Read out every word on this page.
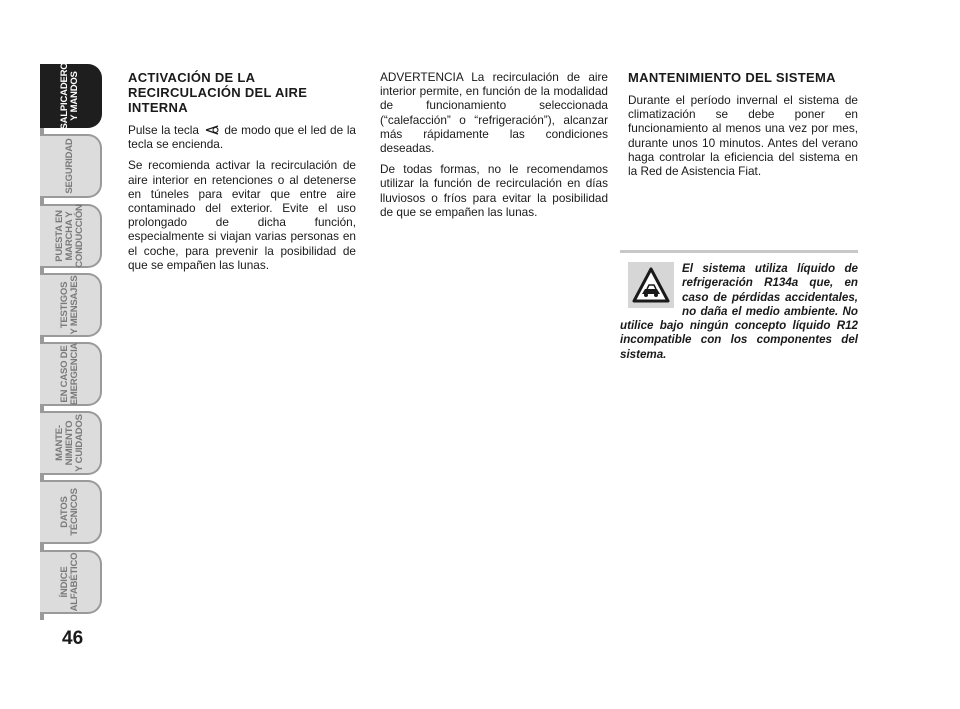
SALPICADERO
Y MANDOS
SEGURIDAD
PUESTA EN
MARCHA Y
CONDUCCIÓN
TESTIGOS
Y MENSAJES
EN CASO DE
EMERGENCIA
MANTE-
NIMIENTO
Y CUIDADOS
DATOS
TÉCNICOS
ÍNDICE
ALFABÉTICO
46
ACTIVACIÓN DE LA RECIRCULACIÓN DEL AIRE INTERNA

Pulse la tecla de modo que el led de la tecla se encienda.

Se recomienda activar la recirculación de aire interior en retenciones o al detenerse en túneles para evitar que entre aire contaminado del exterior. Evite el uso prolongado de dicha función, especialmente si viajan varias personas en el coche, para prevenir la posibilidad de que se empañen las lunas.

ADVERTENCIA La recirculación de aire interior permite, en función de la modalidad de funcionamiento seleccionada (“calefacción” o “refrigeración”), alcanzar más rápidamente las condiciones deseadas.

De todas formas, no le recomendamos utilizar la función de recirculación en días lluviosos o fríos para evitar la posibilidad de que se empañen las lunas.

MANTENIMIENTO DEL SISTEMA

Durante el período invernal el sistema de climatización se debe poner en funcionamiento al menos una vez por mes, durante unos 10 minutos. Antes del verano haga controlar la eficiencia del sistema en la Red de Asistencia Fiat.

El sistema utiliza líquido de refrigeración R134a que, en caso de pérdidas accidentales, no daña el medio ambiente. No utilice bajo ningún concepto líquido R12 incompatible con los componentes del sistema.
